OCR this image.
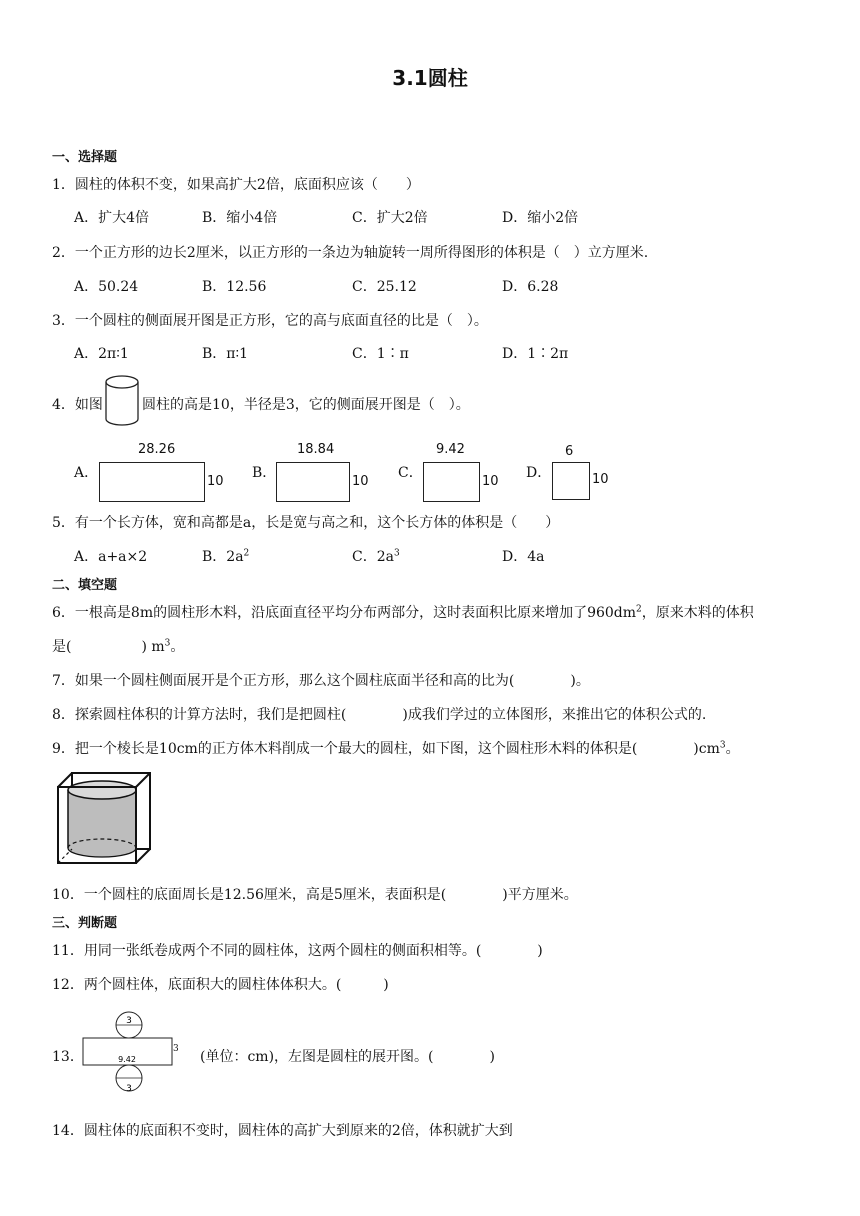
3.1圆柱
一、选择题
1．圆柱的体积不变，如果高扩大2倍，底面积应该（　　）
A．扩大4倍	B．缩小4倍	C．扩大2倍	D．缩小2倍
2．一个正方形的边长2厘米，以正方形的一条边为轴旋转一周所得图形的体积是（　）立方厘米.
A．50.24	B．12.56	C．25.12	D．6.28
3．一个圆柱的侧面展开图是正方形，它的高与底面直径的比是（　）。
A．2π∶1	B．π∶1	C．1∶π	D．1∶2π
4．如图	圆柱的高是10，半径是3，它的侧面展开图是（　）。
A．
28.26
10
B．
18.84
10
C．
9.42
10
D．
6
10
5．有一个长方体，宽和高都是a，长是宽与高之和，这个长方体的体积是（　　）
A．a+a×2	B．$2a^2$	C．$2a^3$	D．4a
二、填空题
6．一根高是8m的圆柱形木料，沿底面直径平均分布两部分，这时表面积比原来增加了$960dm^2$，原来木料的体积
是(　　　　　) $m^3$。
7．如果一个圆柱侧面展开是个正方形，那么这个圆柱底面半径和高的比为(　　　　)。
8．探索圆柱体积的计算方法时，我们是把圆柱(　　　　)成我们学过的立体图形，来推出它的体积公式的.
9．把一个棱长是10cm的正方体木料削成一个最大的圆柱，如下图，这个圆柱形木料的体积是(　　　　)$cm^3$。
10．一个圆柱的底面周长是12.56厘米，高是5厘米，表面积是(　　　　)平方厘米。
三、判断题
11．用同一张纸卷成两个不同的圆柱体，这两个圆柱的侧面积相等。(　　　　)
12．两个圆柱体，底面积大的圆柱体体积大。(　　　)
13．
3
9.42
3
3 (单位：cm)，左图是圆柱的展开图。(　　　　)
14．圆柱体的底面积不变时，圆柱体的高扩大到原来的2倍，体积就扩大到
